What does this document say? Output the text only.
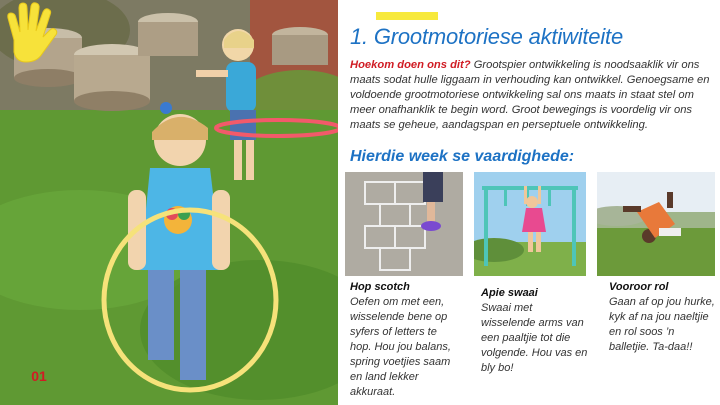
01
1. Grootmotoriese aktiwiteite
Hoekom doen ons dit? Grootspier ontwikkeling is noodsaaklik vir ons maats sodat hulle liggaam in verhouding kan ontwikkel. Genoegsame en voldoende grootmotoriese ontwikkeling sal ons maats in staat stel om meer onafhanklik te begin word. Groot bewegings is voordelig vir ons maats se geheue, aandagspan en perseptuele ontwikkeling.
Hierdie week se vaardighede:
Hop scotch
Oefen om met een, wisselende bene op syfers of letters te hop. Hou jou balans, spring voetjies saam en land lekker akkuraat.
Apie swaai
Swaai met wisselende arms van een paaltjie tot die volgende. Hou vas en bly bo!
Vooroor rol
Gaan af op jou hurke, kyk af na jou naeltjie en rol soos ’n balletjie. Ta-daa!!
